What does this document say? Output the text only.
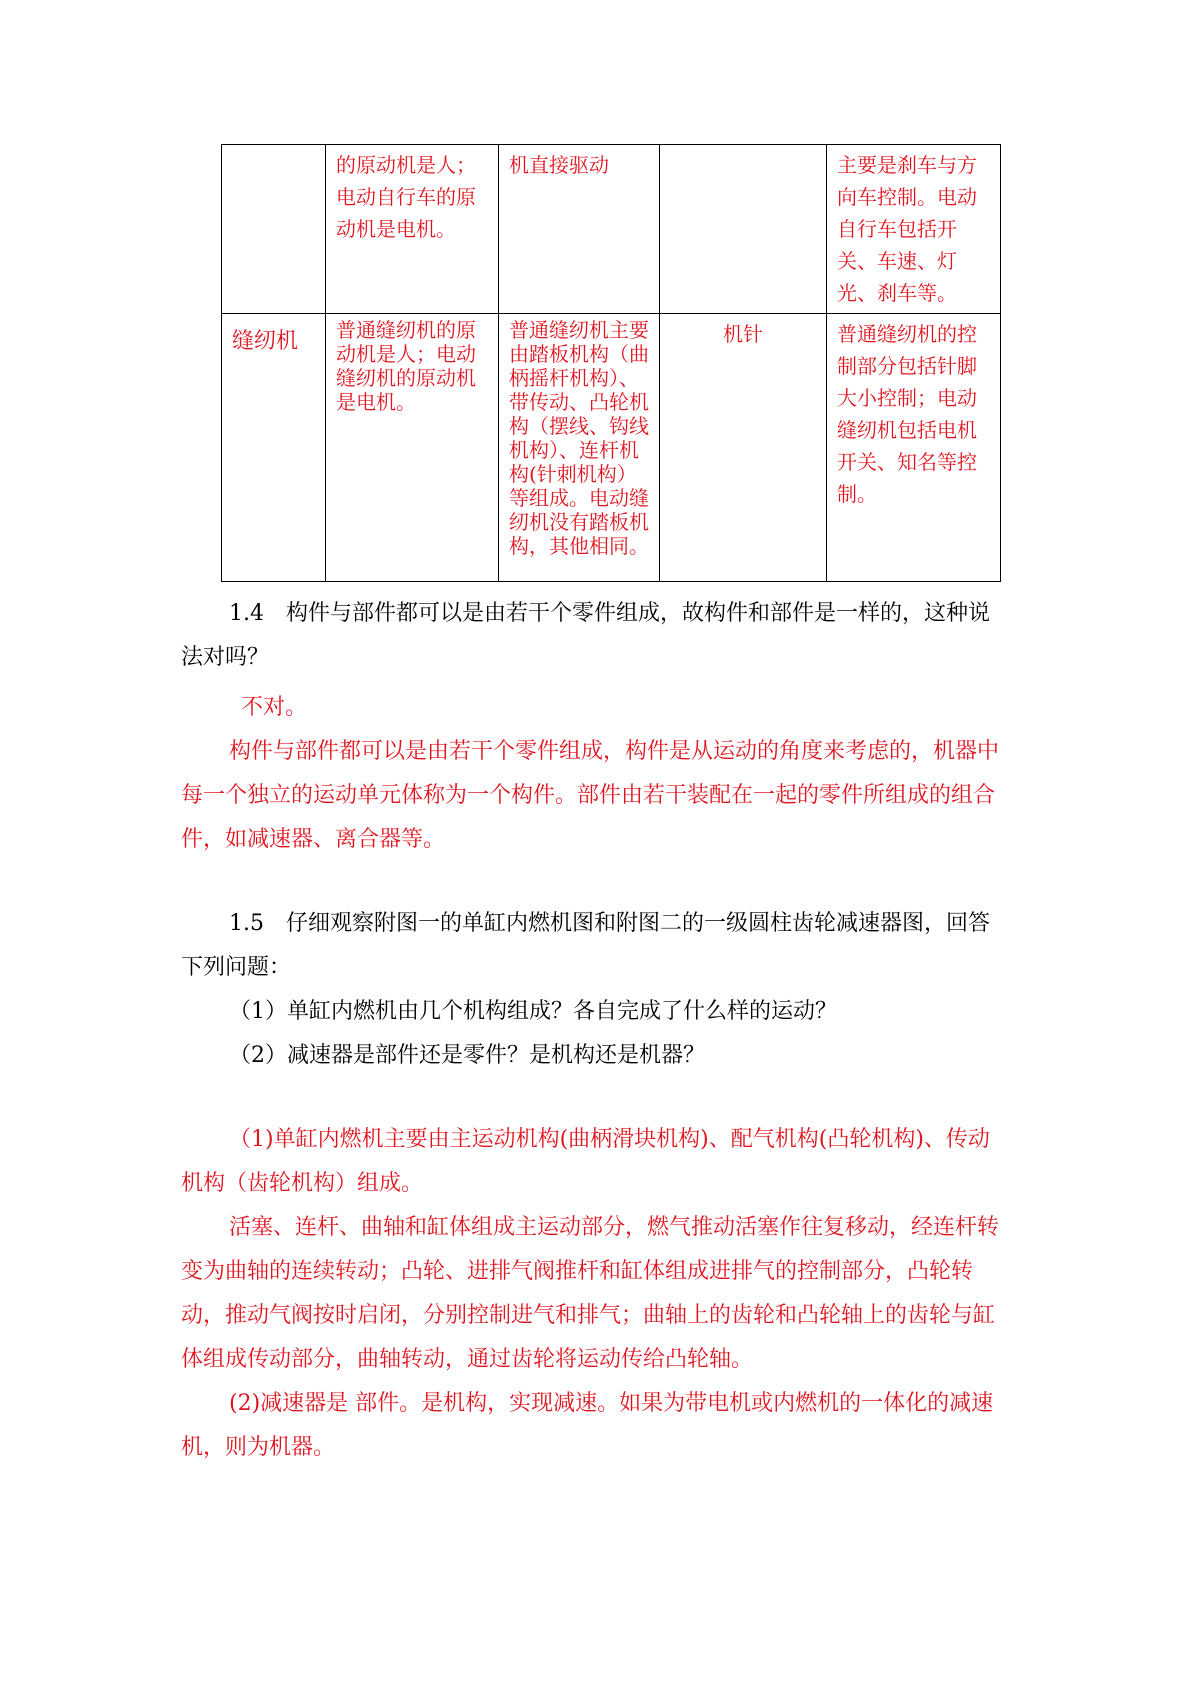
	的原动机是人；电动自行车的原动机是电机。	机直接驱动		主要是刹车与方向车控制。电动自行车包括开关、车速、灯光、刹车等。
缝纫机	普通缝纫机的原动机是人；电动缝纫机的原动机是电机。	普通缝纫机主要由踏板机构（曲柄摇杆机构）、带传动、凸轮机构（摆线、钩线机构）、连杆机构(针刺机构）等组成。电动缝纫机没有踏板机构，其他相同。	机针	普通缝纫机的控制部分包括针脚大小控制；电动缝纫机包括电机开关、知名等控制。

1.4　构件与部件都可以是由若干个零件组成，故构件和部件是一样的，这种说法对吗？

不对。

构件与部件都可以是由若干个零件组成，构件是从运动的角度来考虑的，机器中每一个独立的运动单元体称为一个构件。部件由若干装配在一起的零件所组成的组合件，如减速器、离合器等。

1.5　仔细观察附图一的单缸内燃机图和附图二的一级圆柱齿轮减速器图，回答下列问题：

（1）单缸内燃机由几个机构组成？各自完成了什么样的运动？

（2）减速器是部件还是零件？是机构还是机器？

（1)单缸内燃机主要由主运动机构(曲柄滑块机构)、配气机构(凸轮机构)、传动机构（齿轮机构）组成。

活塞、连杆、曲轴和缸体组成主运动部分，燃气推动活塞作往复移动，经连杆转变为曲轴的连续转动；凸轮、进排气阀推杆和缸体组成进排气的控制部分，凸轮转动，推动气阀按时启闭，分别控制进气和排气；曲轴上的齿轮和凸轮轴上的齿轮与缸体组成传动部分，曲轴转动，通过齿轮将运动传给凸轮轴。

(2)减速器是 部件。是机构，实现减速。如果为带电机或内燃机的一体化的减速机，则为机器。
